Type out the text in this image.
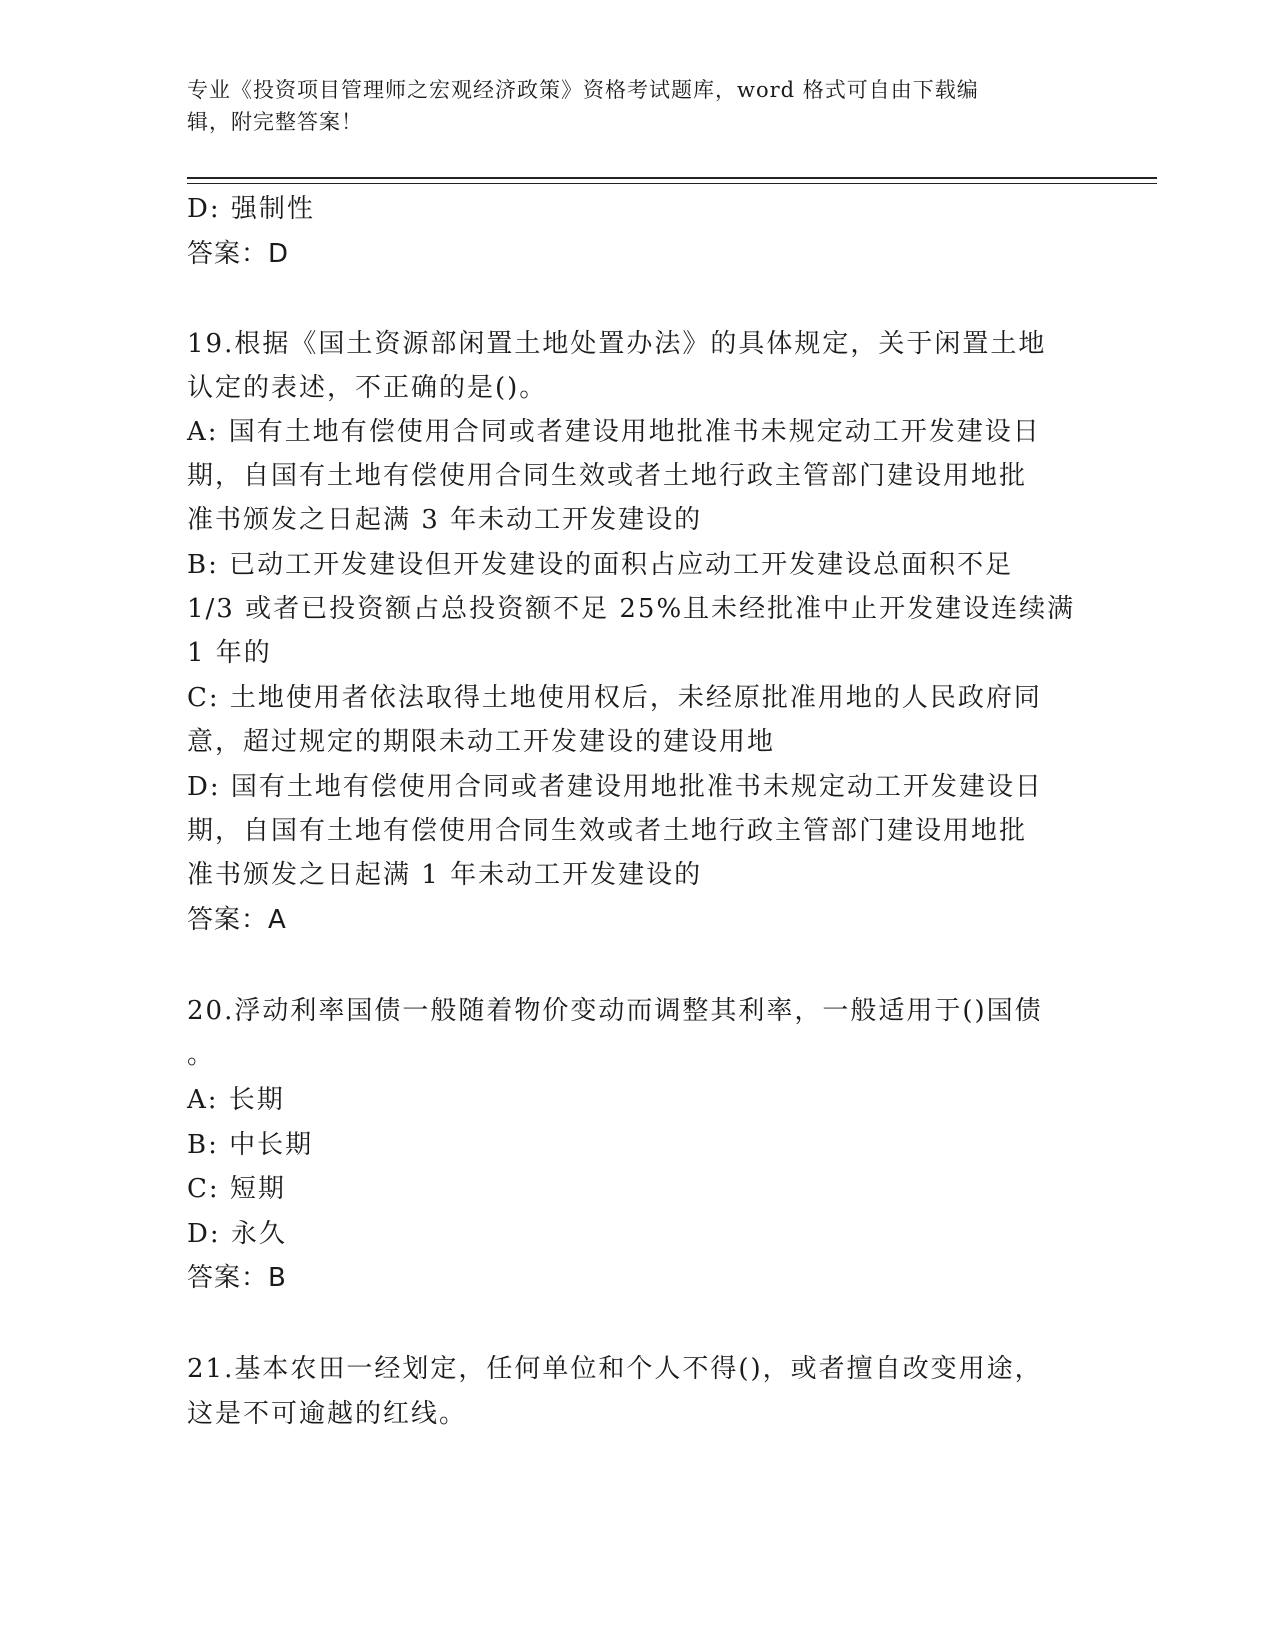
专业《投资项目管理师之宏观经济政策》资格考试题库，word 格式可自由下载编
辑，附完整答案！
D: 强制性
答案：D
19.根据《国土资源部闲置土地处置办法》的具体规定，关于闲置土地
认定的表述，不正确的是()。
A: 国有土地有偿使用合同或者建设用地批准书未规定动工开发建设日
期，自国有土地有偿使用合同生效或者土地行政主管部门建设用地批
准书颁发之日起满 3 年未动工开发建设的
B: 已动工开发建设但开发建设的面积占应动工开发建设总面积不足
1/3 或者已投资额占总投资额不足 25%且未经批准中止开发建设连续满
1 年的
C: 土地使用者依法取得土地使用权后，未经原批准用地的人民政府同
意，超过规定的期限未动工开发建设的建设用地
D: 国有土地有偿使用合同或者建设用地批准书未规定动工开发建设日
期，自国有土地有偿使用合同生效或者土地行政主管部门建设用地批
准书颁发之日起满 1 年未动工开发建设的
答案：A
20.浮动利率国债一般随着物价变动而调整其利率，一般适用于()国债
。
A: 长期
B: 中长期
C: 短期
D: 永久
答案：B
21.基本农田一经划定，任何单位和个人不得()，或者擅自改变用途，
这是不可逾越的红线。
